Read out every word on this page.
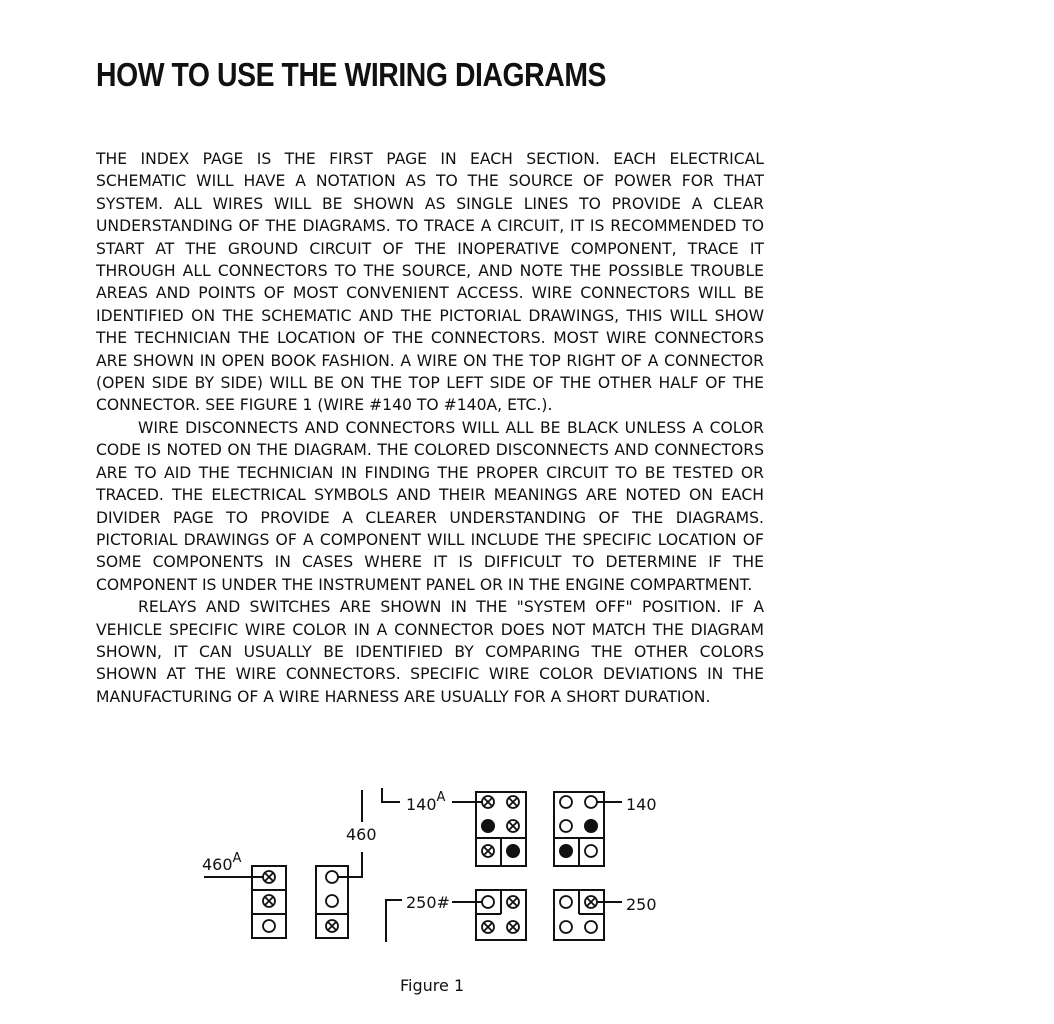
HOW TO USE THE WIRING DIAGRAMS

THE INDEX PAGE IS THE FIRST PAGE IN EACH SECTION. EACH ELECTRICAL SCHEMATIC WILL HAVE A NOTATION AS TO THE SOURCE OF POWER FOR THAT SYSTEM. ALL WIRES WILL BE SHOWN AS SINGLE LINES TO PROVIDE A CLEAR UNDERSTANDING OF THE DIAGRAMS. TO TRACE A CIRCUIT, IT IS RECOMMENDED TO START AT THE GROUND CIRCUIT OF THE INOPERATIVE COMPONENT, TRACE IT THROUGH ALL CONNECTORS TO THE SOURCE, AND NOTE THE POSSIBLE TROUBLE AREAS AND POINTS OF MOST CONVENIENT ACCESS. WIRE CONNECTORS WILL BE IDENTIFIED ON THE SCHEMATIC AND THE PICTORIAL DRAWINGS, THIS WILL SHOW THE TECHNICIAN THE LOCATION OF THE CONNECTORS. MOST WIRE CONNECTORS ARE SHOWN IN OPEN BOOK FASHION. A WIRE ON THE TOP RIGHT OF A CONNECTOR (OPEN SIDE BY SIDE) WILL BE ON THE TOP LEFT SIDE OF THE OTHER HALF OF THE CONNECTOR. SEE FIGURE 1 (WIRE #140 TO #140A, ETC.).

WIRE DISCONNECTS AND CONNECTORS WILL ALL BE BLACK UNLESS A COLOR CODE IS NOTED ON THE DIAGRAM. THE COLORED DISCONNECTS AND CONNECTORS ARE TO AID THE TECHNICIAN IN FINDING THE PROPER CIRCUIT TO BE TESTED OR TRACED. THE ELECTRICAL SYMBOLS AND THEIR MEANINGS ARE NOTED ON EACH DIVIDER PAGE TO PROVIDE A CLEARER UNDERSTANDING OF THE DIAGRAMS. PICTORIAL DRAWINGS OF A COMPONENT WILL INCLUDE THE SPECIFIC LOCATION OF SOME COMPONENTS IN CASES WHERE IT IS DIFFICULT TO DETERMINE IF THE COMPONENT IS UNDER THE INSTRUMENT PANEL OR IN THE ENGINE COMPARTMENT.

RELAYS AND SWITCHES ARE SHOWN IN THE "SYSTEM OFF" POSITION. IF A VEHICLE SPECIFIC WIRE COLOR IN A CONNECTOR DOES NOT MATCH THE DIAGRAM SHOWN, IT CAN USUALLY BE IDENTIFIED BY COMPARING THE OTHER COLORS SHOWN AT THE WIRE CONNECTORS. SPECIFIC WIRE COLOR DEVIATIONS IN THE MANUFACTURING OF A WIRE HARNESS ARE USUALLY FOR A SHORT DURATION.

$460^A$
460
$140^A$	140
250#	250
Figure 1
